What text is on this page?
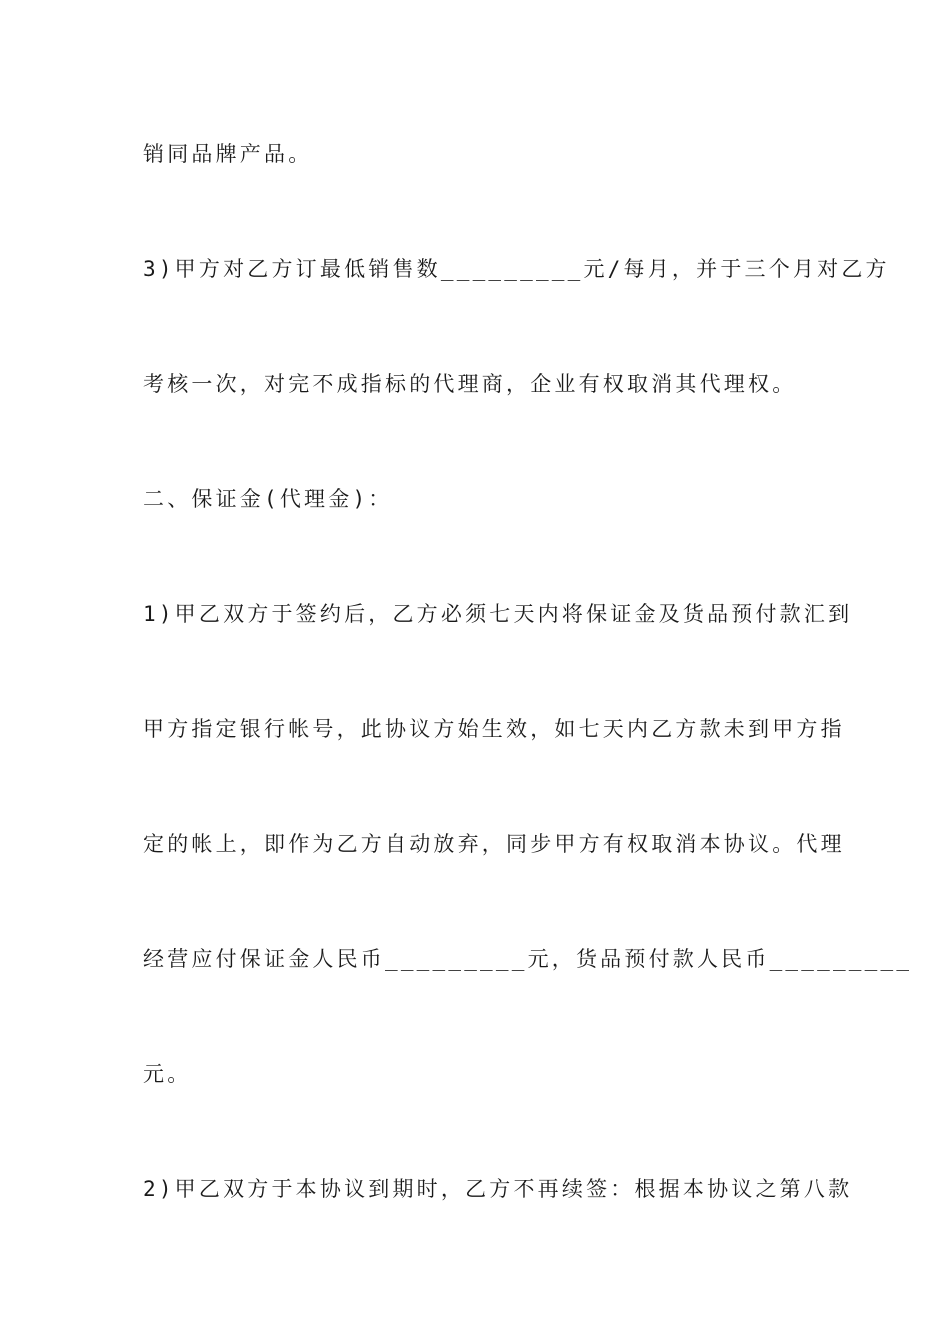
销同品牌产品。
3)甲方对乙方订最低销售数_________元/每月，并于三个月对乙方
考核一次，对完不成指标的代理商，企业有权取消其代理权。
二、保证金(代理金)：
1)甲乙双方于签约后，乙方必须七天内将保证金及货品预付款汇到
甲方指定银行帐号，此协议方始生效，如七天内乙方款未到甲方指
定的帐上，即作为乙方自动放弃，同步甲方有权取消本协议。代理
经营应付保证金人民币_________元，货品预付款人民币_________
元。
2)甲乙双方于本协议到期时，乙方不再续签：根据本协议之第八款
